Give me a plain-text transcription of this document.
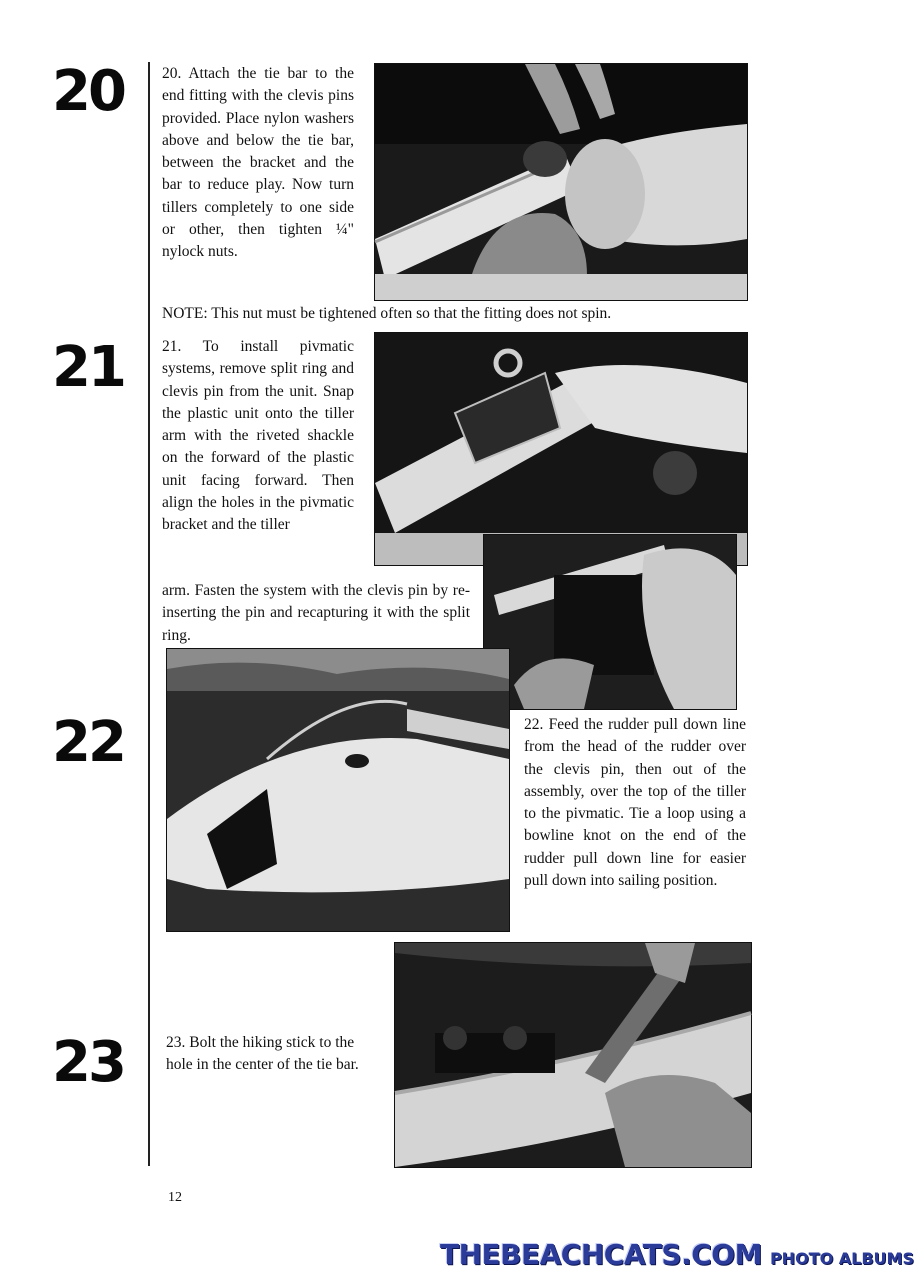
20 20. Attach the tie bar to the end fitting with the clevis pins provided. Place nylon washers above and below the tie bar, between the bracket and the bar to reduce play. Now turn tillers completely to one side or other, then tighten ¼" nylock nuts.

NOTE: This nut must be tightened often so that the fitting does not spin.

21 21. To install pivmatic systems, remove split ring and clevis pin from the unit. Snap the plastic unit onto the tiller arm with the riveted shackle on the forward of the plastic unit facing forward. Then align the holes in the pivmatic bracket and the tiller

arm. Fasten the system with the clevis pin by re-inserting the pin and recapturing it with the split ring.

22	22. Feed the rudder pull down line from the head of the rudder over the clevis pin, then out of the assembly, over the top of the tiller to the pivmatic. Tie a loop using a bowline knot on the end of the rudder pull down line for easier pull down into sailing position.

23	23. Bolt the hiking stick to the hole in the center of the tie bar.

12
THEBEACHCATS.COM PHOTO ALBUMS
